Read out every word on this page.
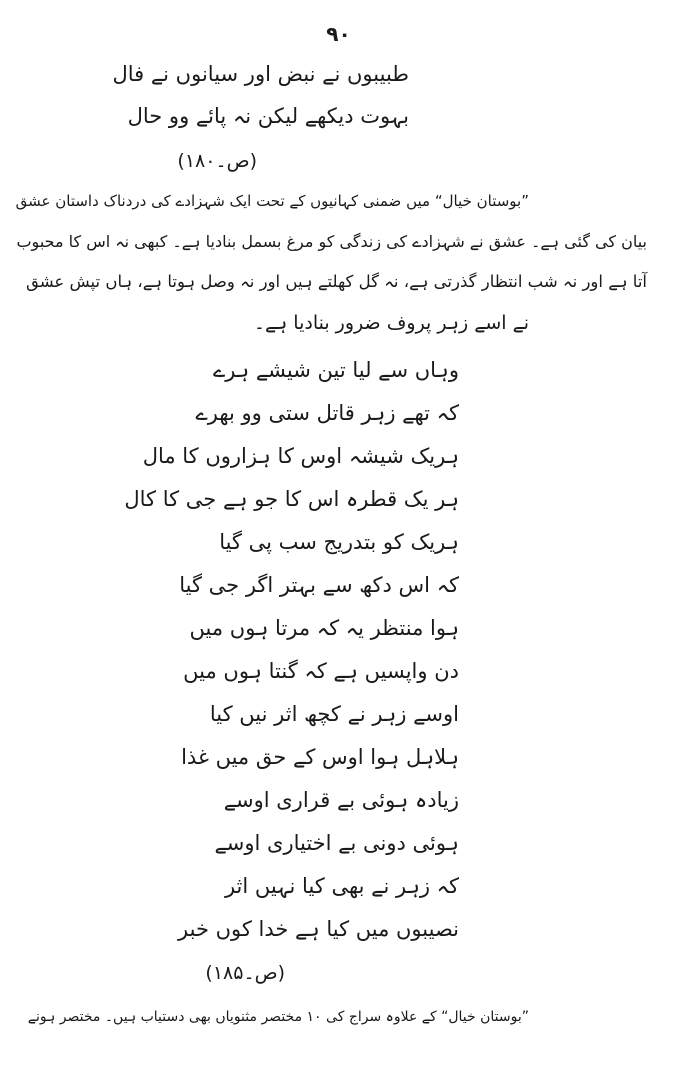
۹۰
طبیبوں نے نبض اور سیانوں نے فال
بہوت دیکھے لیکن نہ پائے وو حال
(ص۔۱۸۰)
”بوستان خیال“ میں ضمنی کہانیوں کے تحت ایک شہزادے کی دردناک داستان عشق
بیان کی گئی ہے۔ عشق نے شہزادے کی زندگی کو مرغ بسمل بنادیا ہے۔ کبھی نہ اس کا محبوب
آتا ہے اور نہ شب انتظار گذرتی ہے، نہ گل کھلتے ہیں اور نہ وصل ہوتا ہے، ہاں تپش عشق
نے اسے زہر پروف ضرور بنادیا ہے۔
وہاں سے لیا تین شیشے ہرے
کہ تھے زہر قاتل ستی وو بھرے
ہریک شیشہ اوس کا ہزاروں کا مال
ہر یک قطرہ اس کا جو ہے جی کا کال
ہریک کو بتدریج سب پی گیا
کہ اس دکھ سے بہتر اگر جی گیا
ہوا منتظر یہ کہ مرتا ہوں میں
دن واپسیں ہے کہ گنتا ہوں میں
اوسے زہر نے کچھ اثر نیں کیا
ہلاہل ہوا اوس کے حق میں غذا
زیادہ ہوئی بے قراری اوسے
ہوئی دونی بے اختیاری اوسے
کہ زہر نے بھی کیا نہیں اثر
نصیبوں میں کیا ہے خدا کوں خبر
(ص۔۱۸۵)
”بوستان خیال“ کے علاوہ سراج کی ۱۰ مختصر مثنویاں بھی دستیاب ہیں۔ مختصر ہونے
